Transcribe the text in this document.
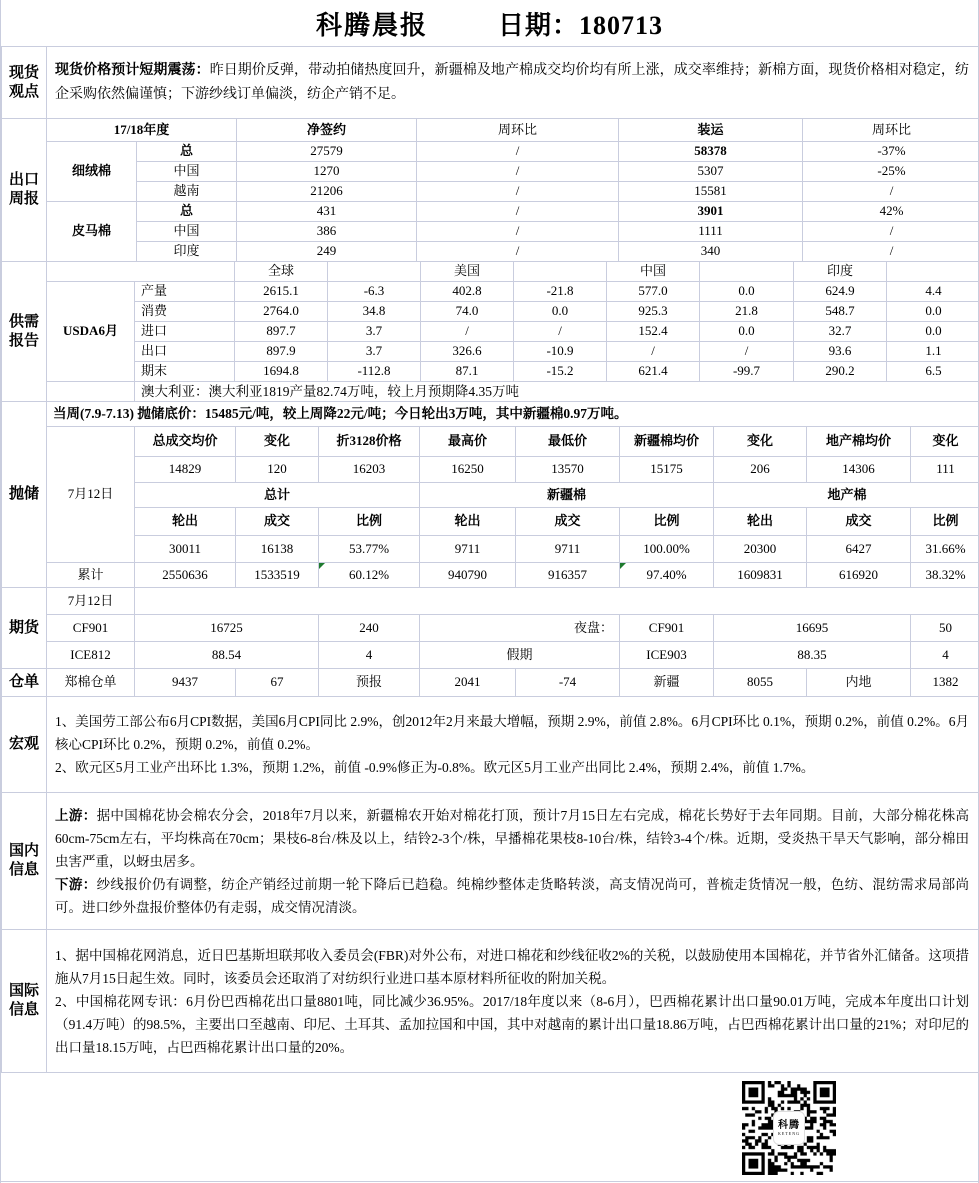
科腾晨报	日期：180713
现货观点	现货价格预计短期震荡：昨日期价反弹，带动拍储热度回升，新疆棉及地产棉成交均价均有所上涨，成交率维持；新棉方面，现货价格相对稳定，纺企采购依然偏谨慎；下游纱线订单偏淡，纺企产销不足。
出口周报	17/18年度		净签约	周环比	装运	周环比
	细绒棉	总	27579	/	58378	-37%
		中国	1270	/	5307	-25%
		越南	21206	/	15581	/
	皮马棉	总	431	/	3901	42%
		中国	386	/	1111	/
		印度	249	/	340	/
供需报告			全球		美国		中国		印度	
	USDA6月	产量	2615.1	-6.3	402.8	-21.8	577.0	0.0	624.9	4.4
		消费	2764.0	34.8	74.0	0.0	925.3	21.8	548.7	0.0
		进口	897.7	3.7	/	/	152.4	0.0	32.7	0.0
		出口	897.9	3.7	326.6	-10.9	/	/	93.6	1.1
		期末	1694.8	-112.8	87.1	-15.2	621.4	-99.7	290.2	6.5
		澳大利亚：澳大利亚1819产量82.74万吨，较上月预期降4.35万吨								
抛储	当周(7.9-7.13) 抛储底价：15485元/吨，较上周降22元/吨；今日轮出3万吨，其中新疆棉0.97万吨。									
	7月12日	总成交均价	变化	折3128价格	最高价	最低价	新疆棉均价	变化	地产棉均价	变化
		14829	120	16203	16250	13570	15175	206	14306	111
		总计			新疆棉			地产棉		
		轮出	成交	比例	轮出	成交	比例	轮出	成交	比例
		30011	16138	53.77%	9711	9711	100.00%	20300	6427	31.66%
	累计	2550636	1533519	60.12%	940790	916357	97.40%	1609831	616920	38.32%
期货	7月12日						
	CF901	16725	240	夜盘：	CF901	16695	50
	ICE812	88.54	4	假期	ICE903	88.35	4
仓单	郑棉仓单	9437	67	预报	2041	-74	新疆	8055	内地	1382
宏观	
1、美国劳工部公布6月CPI数据，美国6月CPI同比 2.9%，创2012年2月来最大增幅，预期 2.9%，前值 2.8%。6月CPI环比 0.1%，预期 0.2%，前值 0.2%。6月核心CPI环比 0.2%，预期 0.2%，前值 0.2%。
2、欧元区5月工业产出环比 1.3%，预期 1.2%，前值 -0.9%修正为-0.8%。欧元区5月工业产出同比 2.4%，预期 2.4%，前值 1.7%。
国内信息	
上游：据中国棉花协会棉农分会，2018年7月以来，新疆棉农开始对棉花打顶，预计7月15日左右完成，棉花长势好于去年同期。目前，大部分棉花株高60cm-75cm左右，平均株高在70cm；果枝6-8台/株及以上，结铃2-3个/株，早播棉花果枝8-10台/株，结铃3-4个/株。近期，受炎热干旱天气影响，部分棉田虫害严重，以蚜虫居多。
下游：纱线报价仍有调整，纺企产销经过前期一轮下降后已趋稳。纯棉纱整体走货略转淡，高支情况尚可，普梳走货情况一般，色纺、混纺需求局部尚可。进口纱外盘报价整体仍有走弱，成交情况清淡。
国际信息	
1、据中国棉花网消息，近日巴基斯坦联邦收入委员会(FBR)对外公布，对进口棉花和纱线征收2%的关税，以鼓励使用本国棉花，并节省外汇储备。这项措施从7月15日起生效。同时，该委员会还取消了对纺织行业进口基本原材料所征收的附加关税。
2、中国棉花网专讯：6月份巴西棉花出口量8801吨，同比减少36.95%。2017/18年度以来（8-6月），巴西棉花累计出口量90.01万吨，完成本年度出口计划（91.4万吨）的98.5%，主要出口至越南、印尼、土耳其、孟加拉国和中国，其中对越南的累计出口量18.86万吨，占巴西棉花累计出口量的21%；对印尼的出口量18.15万吨，占巴西棉花累计出口量的20%。
科腾
KETENG
